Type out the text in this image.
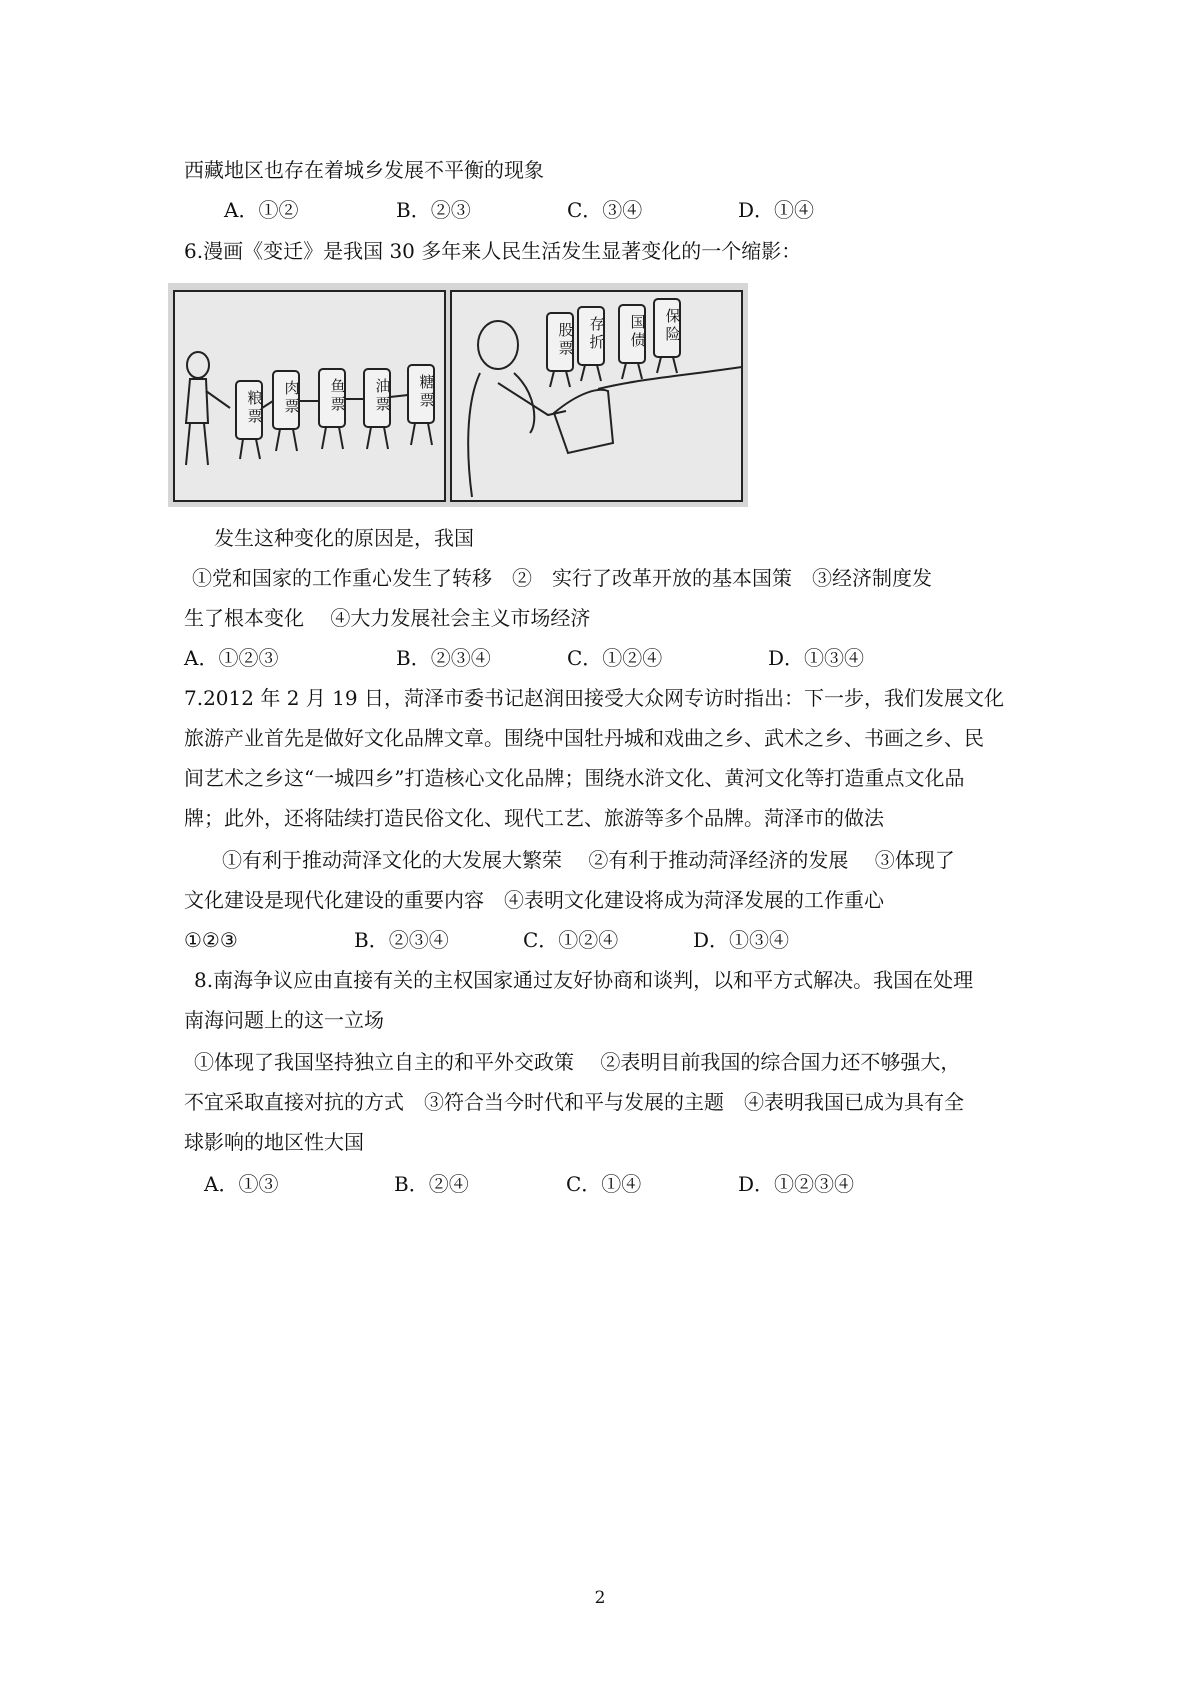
西藏地区也存在着城乡发展不平衡的现象
A．①②	B．②③	C．③④	D．①④
6.漫画《变迁》是我国 30 多年来人民生活发生显著变化的一个缩影：
粮票
肉票
鱼票
油票
糖票
股票
存折
国债
保险
发生这种变化的原因是，我国
①党和国家的工作重心发生了转移　②　实行了改革开放的基本国策　③经济制度发
生了根本变化　 ④大力发展社会主义市场经济
A．①②③	B．②③④	C．①②④	D．①③④
7.2012 年 2 月 19 日，菏泽市委书记赵润田接受大众网专访时指出：下一步，我们发展文化
旅游产业首先是做好文化品牌文章。围绕中国牡丹城和戏曲之乡、武术之乡、书画之乡、民
间艺术之乡这“一城四乡”打造核心文化品牌；围绕水浒文化、黄河文化等打造重点文化品
牌；此外，还将陆续打造民俗文化、现代工艺、旅游等多个品牌。菏泽市的做法
①有利于推动菏泽文化的大发展大繁荣　 ②有利于推动菏泽经济的发展　 ③体现了
文化建设是现代化建设的重要内容　④表明文化建设将成为菏泽发展的工作重心
①②③	B．②③④	C．①②④	D．①③④
8.南海争议应由直接有关的主权国家通过友好协商和谈判，以和平方式解决。我国在处理
南海问题上的这一立场
①体现了我国坚持独立自主的和平外交政策　 ②表明目前我国的综合国力还不够强大，
不宜采取直接对抗的方式　③符合当今时代和平与发展的主题　④表明我国已成为具有全
球影响的地区性大国
A．①③	B．②④	C．①④	D．①②③④
2
